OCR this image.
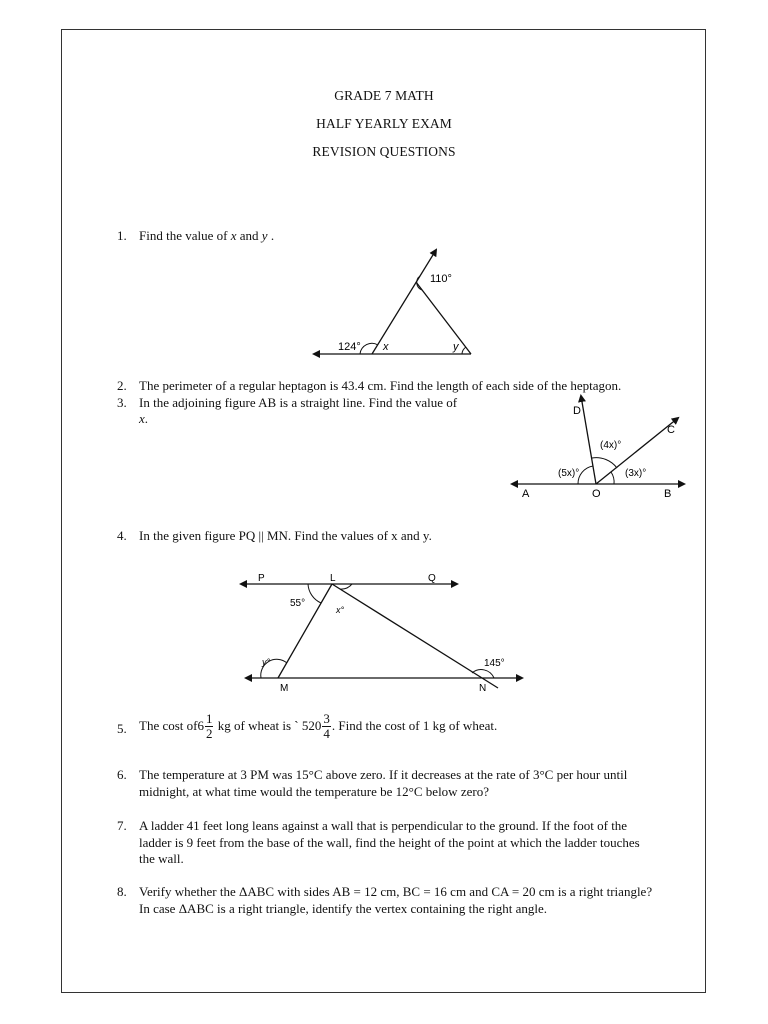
GRADE 7 MATH
HALF YEARLY EXAM
REVISION QUESTIONS
1. Find the value of x and y .
110°
124° x	y
2. The perimeter of a regular heptagon is 43.4 cm. Find the length of each side of the heptagon.
3. In the adjoining figure AB is a straight line. Find the value of
x.	D
C
A	O	B
(4x)°
(5x)°	(3x)°
4. In the given figure PQ || MN. Find the values of x and y.
P	L	Q
M	N
55°
x°
y°	145°
5. The cost of $6 \frac{1}{2}$ kg of wheat is ` $520 \frac{3}{4}$ . Find the cost of 1 kg of wheat.
6. The temperature at 3 PM was 15°C above zero. If it decreases at the rate of 3°C per hour until
midnight, at what time would the temperature be 12°C below zero?
7. A ladder 41 feet long leans against a wall that is perpendicular to the ground. If the foot of the
ladder is 9 feet from the base of the wall, find the height of the point at which the ladder touches
the wall.
8. Verify whether the ΔABC with sides AB = 12 cm, BC = 16 cm and CA = 20 cm is a right triangle?
In case ΔABC is a right triangle, identify the vertex containing the right angle.
